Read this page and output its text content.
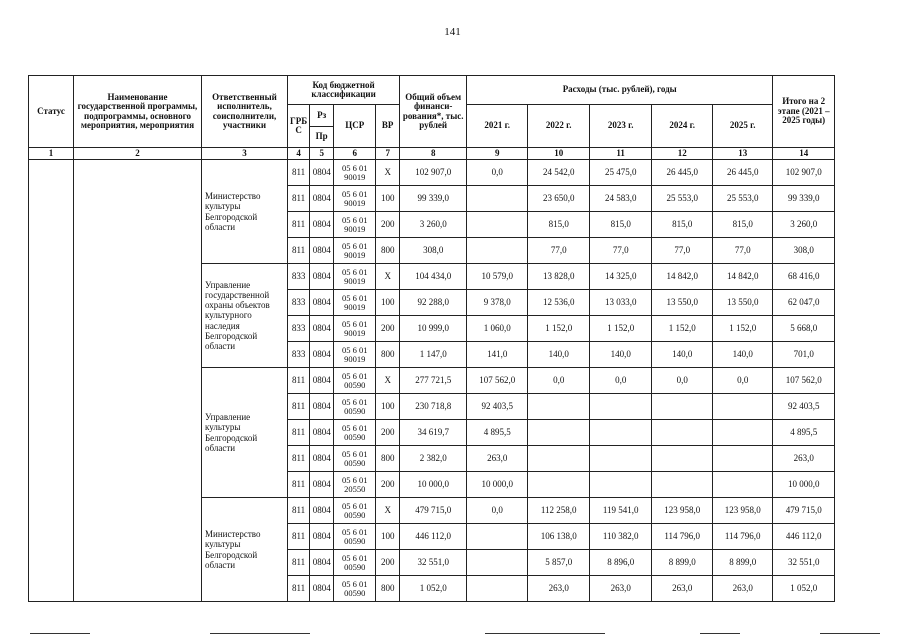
141
Статус	Наименование государственной программы, подпрограммы, основного мероприятия, мероприятия	Ответственный исполнитель, соисполнители, участники	Код бюджетной классификации				Общий объем финанси-рования*, тыс. рублей	Расходы (тыс. рублей), годы					Итого на 2 этапе (2021 – 2025 годы)
			ГРБ С	Рз	ЦСР	ВР		2021 г.	2022 г.	2023 г.	2024 г.	2025 г.	
				Пр									
1	2	3	4	5	6	7	8	9	10	11	12	13	14
		Министерство культуры Белгородской области	811	0804	05 6 01 90019	X	102 907,0	0,0	24 542,0	25 475,0	26 445,0	26 445,0	102 907,0
			811	0804	05 6 01 90019	100	99 339,0		23 650,0	24 583,0	25 553,0	25 553,0	99 339,0
			811	0804	05 6 01 90019	200	3 260,0		815,0	815,0	815,0	815,0	3 260,0
			811	0804	05 6 01 90019	800	308,0		77,0	77,0	77,0	77,0	308,0
		Управление государственной охраны объектов культурного наследия Белгородской области	833	0804	05 6 01 90019	X	104 434,0	10 579,0	13 828,0	14 325,0	14 842,0	14 842,0	68 416,0
			833	0804	05 6 01 90019	100	92 288,0	9 378,0	12 536,0	13 033,0	13 550,0	13 550,0	62 047,0
			833	0804	05 6 01 90019	200	10 999,0	1 060,0	1 152,0	1 152,0	1 152,0	1 152,0	5 668,0
			833	0804	05 6 01 90019	800	1 147,0	141,0	140,0	140,0	140,0	140,0	701,0
		Управление культуры Белгородской области	811	0804	05 6 01 00590	X	277 721,5	107 562,0	0,0	0,0	0,0	0,0	107 562,0
			811	0804	05 6 01 00590	100	230 718,8	92 403,5					92 403,5
			811	0804	05 6 01 00590	200	34 619,7	4 895,5					4 895,5
			811	0804	05 6 01 00590	800	2 382,0	263,0					263,0
			811	0804	05 6 01 20550	200	10 000,0	10 000,0					10 000,0
		Министерство культуры Белгородской области	811	0804	05 6 01 00590	X	479 715,0	0,0	112 258,0	119 541,0	123 958,0	123 958,0	479 715,0
			811	0804	05 6 01 00590	100	446 112,0		106 138,0	110 382,0	114 796,0	114 796,0	446 112,0
			811	0804	05 6 01 00590	200	32 551,0		5 857,0	8 896,0	8 899,0	8 899,0	32 551,0
			811	0804	05 6 01 00590	800	1 052,0		263,0	263,0	263,0	263,0	1 052,0
